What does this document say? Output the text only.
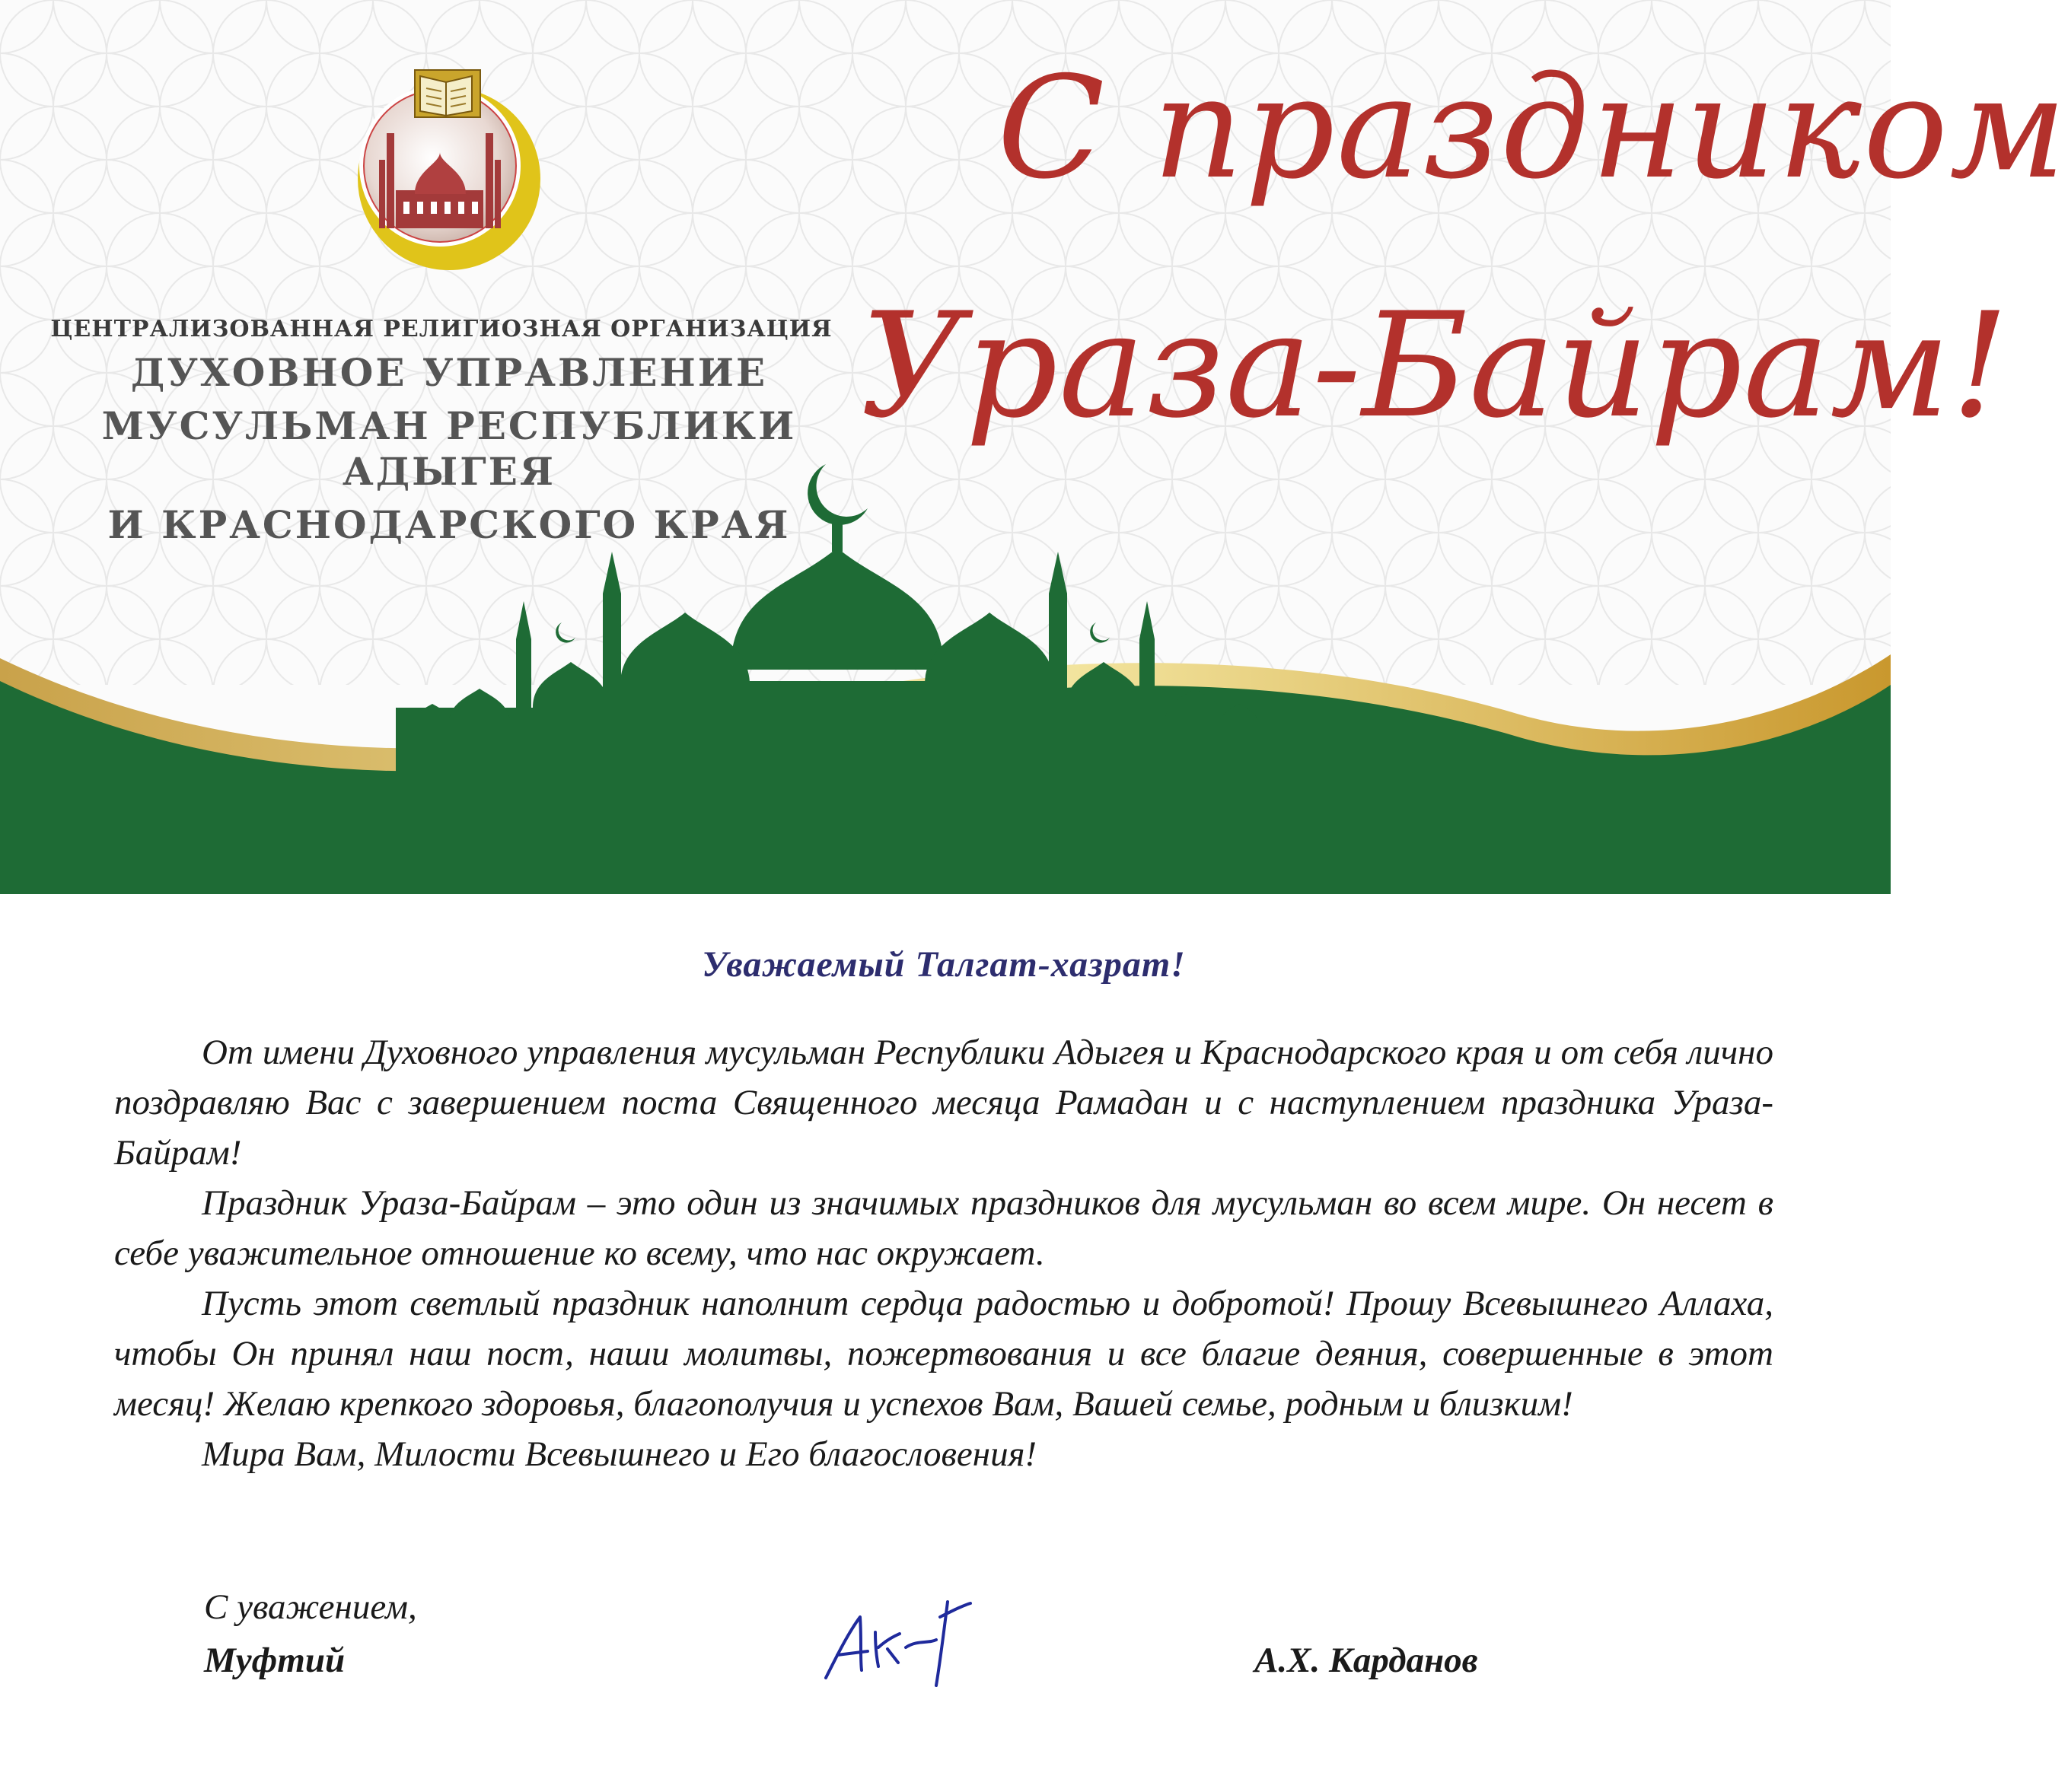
ЦЕНТРАЛИЗОВАННАЯ РЕЛИГИОЗНАЯ ОРГАНИЗАЦИЯ
ДУХОВНОЕ УПРАВЛЕНИЕ
МУСУЛЬМАН РЕСПУБЛИКИ АДЫГЕЯ
И КРАСНОДАРСКОГО КРАЯ
С праздником
Ураза-Байрам!

Уважаемый Талгат-хазрат!

От имени Духовного управления мусульман Республики Адыгея и Краснодарского края и от себя лично поздравляю Вас с завершением поста Священного месяца Рамадан и с наступлением праздника Ураза-Байрам!

Праздник Ураза-Байрам – это один из значимых праздников для мусульман во всем мире. Он несет в себе уважительное отношение ко всему, что нас окружает.

Пусть этот светлый праздник наполнит сердца радостью и добротой! Прошу Всевышнего Аллаха, чтобы Он принял наш пост, наши молитвы, пожертвования и все благие деяния, совершенные в этот месяц! Желаю крепкого здоровья, благополучия и успехов Вам, Вашей семье, родным и близким!

Мира Вам, Милости Всевышнего и Его благословения!

С уважением,
Муфтий	А.Х. Карданов
